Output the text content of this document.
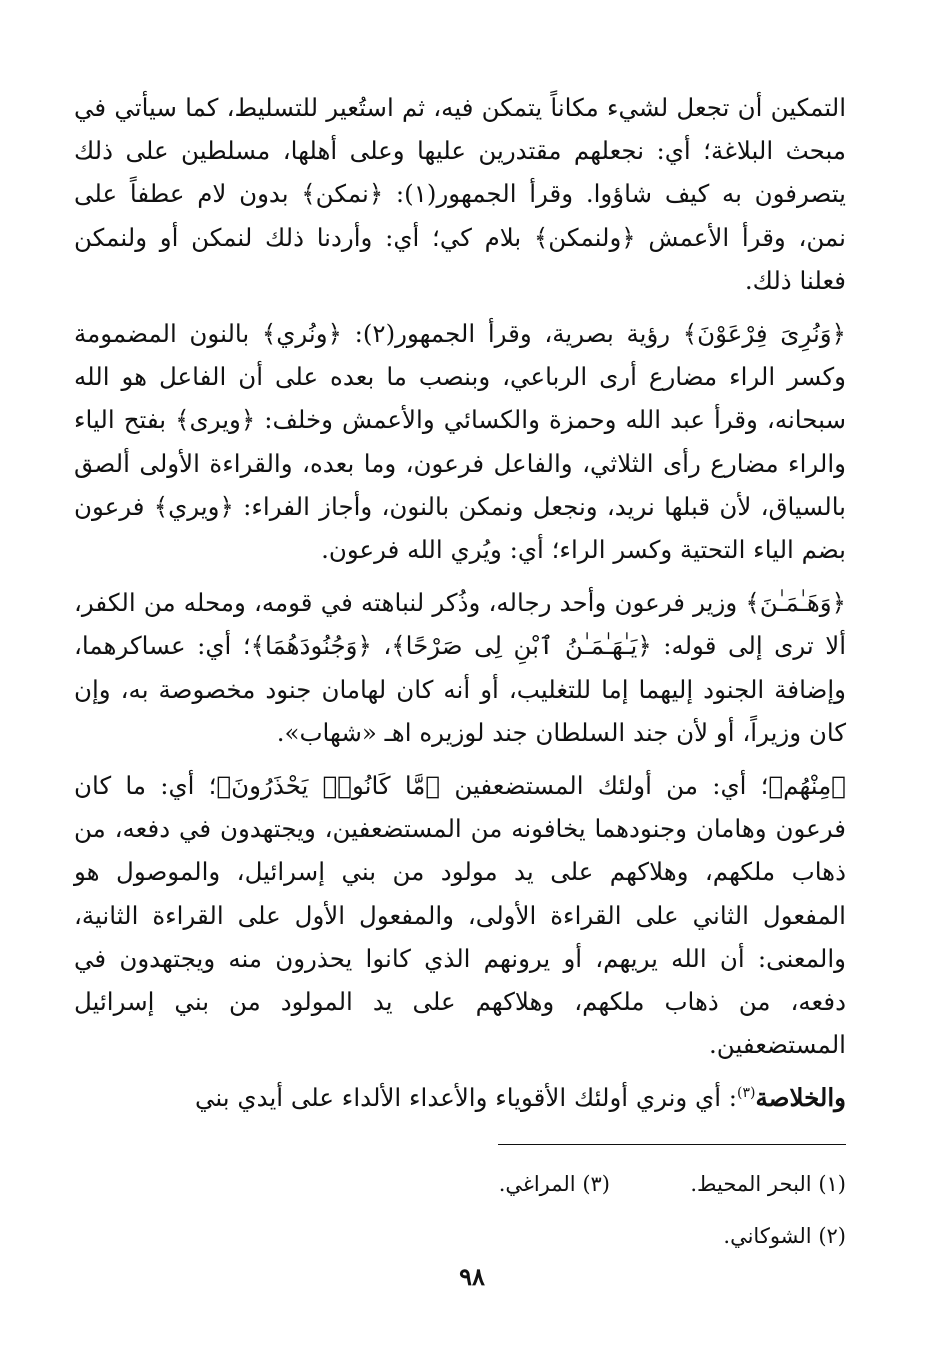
التمكين أن تجعل لشيء مكاناً يتمكن فيه، ثم استُعير للتسليط، كما سيأتي في مبحث البلاغة؛ أي: نجعلهم مقتدرين عليها وعلى أهلها، مسلطين على ذلك يتصرفون به كيف شاؤوا. وقرأ الجمهور(١): ﴿نمكن﴾ بدون لام عطفاً على نمن، وقرأ الأعمش ﴿ولنمكن﴾ بلام كي؛ أي: وأردنا ذلك لنمكن أو ولنمكن فعلنا ذلك.

﴿وَنُرِىَ فِرْعَوْنَ﴾ رؤية بصرية، وقرأ الجمهور(٢): ﴿ونُري﴾ بالنون المضمومة وكسر الراء مضارع أرى الرباعي، وبنصب ما بعده على أن الفاعل هو الله سبحانه، وقرأ عبد الله وحمزة والكسائي والأعمش وخلف: ﴿ويرى﴾ بفتح الياء والراء مضارع رأى الثلاثي، والفاعل فرعون، وما بعده، والقراءة الأولى ألصق بالسياق، لأن قبلها نريد، ونجعل ونمكن بالنون، وأجاز الفراء: ﴿ويري﴾ فرعون بضم الياء التحتية وكسر الراء؛ أي: ويُري الله فرعون.

﴿وَهَـٰمَـٰنَ﴾ وزير فرعون وأحد رجاله، وذُكر لنباهته في قومه، ومحله من الكفر، ألا ترى إلى قوله: ﴿يَـٰهَـٰمَـٰنُ ٱبْنِ لِى صَرْحًا﴾، ﴿وَجُنُودَهُمَا﴾؛ أي: عساكرهما، وإضافة الجنود إليهما إما للتغليب، أو أنه كان لهامان جنود مخصوصة به، وإن كان وزيراً، أو لأن جند السلطان جند لوزيره اهـ «شهاب».

﴿مِنْهُم﴾؛ أي: من أولئك المستضعفين ﴿مَّا كَانُوا۟ يَحْذَرُونَ﴾؛ أي: ما كان فرعون وهامان وجنودهما يخافونه من المستضعفين، ويجتهدون في دفعه، من ذهاب ملكهم، وهلاكهم على يد مولود من بني إسرائيل، والموصول هو المفعول الثاني على القراءة الأولى، والمفعول الأول على القراءة الثانية، والمعنى: أن الله يريهم، أو يرونهم الذي كانوا يحذرون منه ويجتهدون في دفعه، من ذهاب ملكهم، وهلاكهم على يد المولود من بني إسرائيل المستضعفين.

والخلاصة$^{(٣)}$: أي ونري أولئك الأقوياء والأعداء الألداء على أيدي بني

(١) البحر المحيط.
(٣) المراغي.
(٢) الشوكاني.
٩٨
